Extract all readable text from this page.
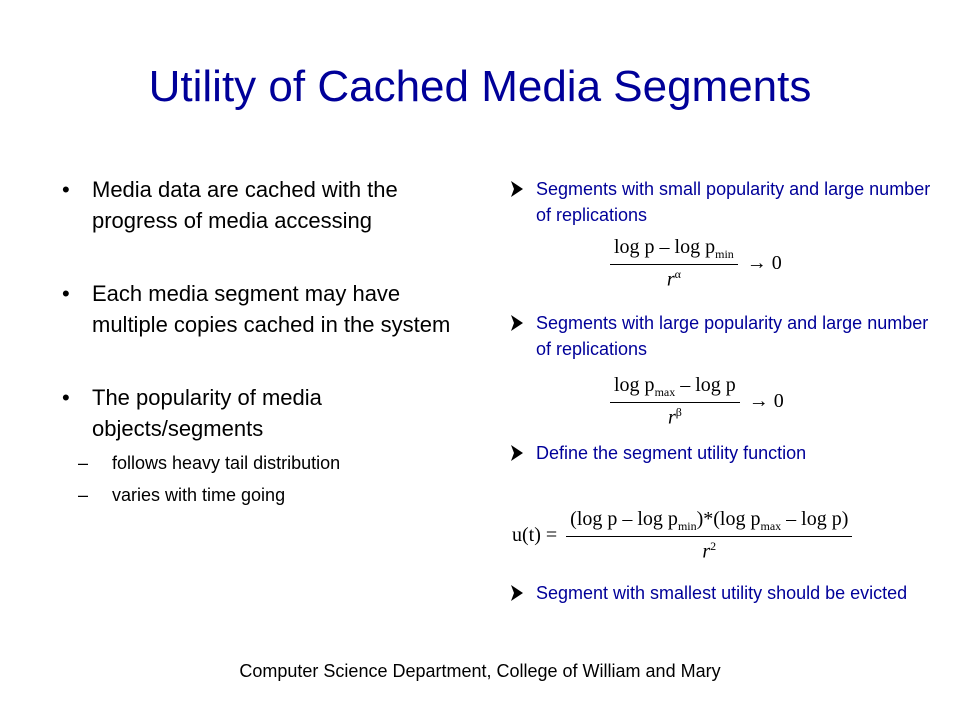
Utility of Cached Media Segments
• Media data are cached with the progress of media accessing
• Each media segment may have multiple copies cached in the system
• The popularity of media objects/segments
– follows heavy tail distribution
– varies with time going
Segments with small popularity and large number of replications
$\frac{\log p - \log p_{min}}{r^\alpha} \to 0$
Segments with large popularity and large number of replications
$\frac{\log p_{max} - \log p}{r^\beta} \to 0$
Define the segment utility function
$u(t) = \frac{(\log p - \log p_{min})*(\log p_{max} - \log p)}{r^2}$
Segment with smallest utility should be evicted
Computer Science Department, College of William and Mary
